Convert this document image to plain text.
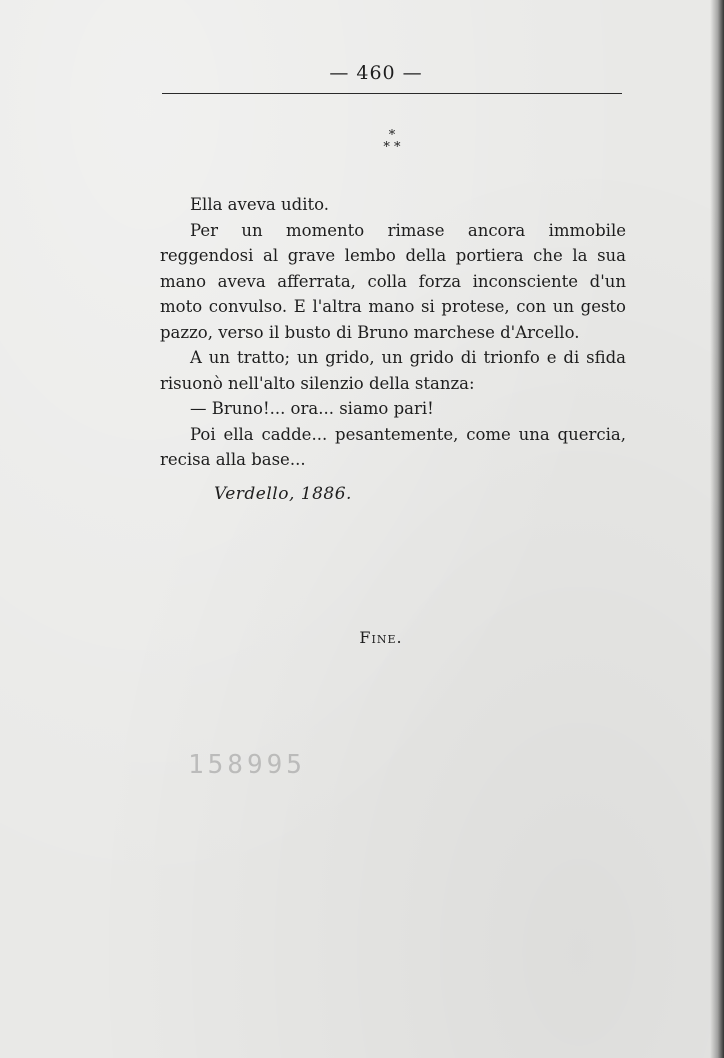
— 460 —
*
* *

Ella aveva udito.

Per un momento rimase ancora immobile reggendosi al grave lembo della portiera che la sua mano aveva afferrata, colla forza inconsciente d'un moto convulso. E l'altra mano si protese, con un gesto pazzo, verso il busto di Bruno marchese d'Arcello.

A un tratto; un grido, un grido di trionfo e di sfida risuonò nell'alto silenzio della stanza:

— Bruno!... ora... siamo pari!

Poi ella cadde... pesantemente, come una quercia, recisa alla base...

Verdello, 1886.
Fine.
158995
